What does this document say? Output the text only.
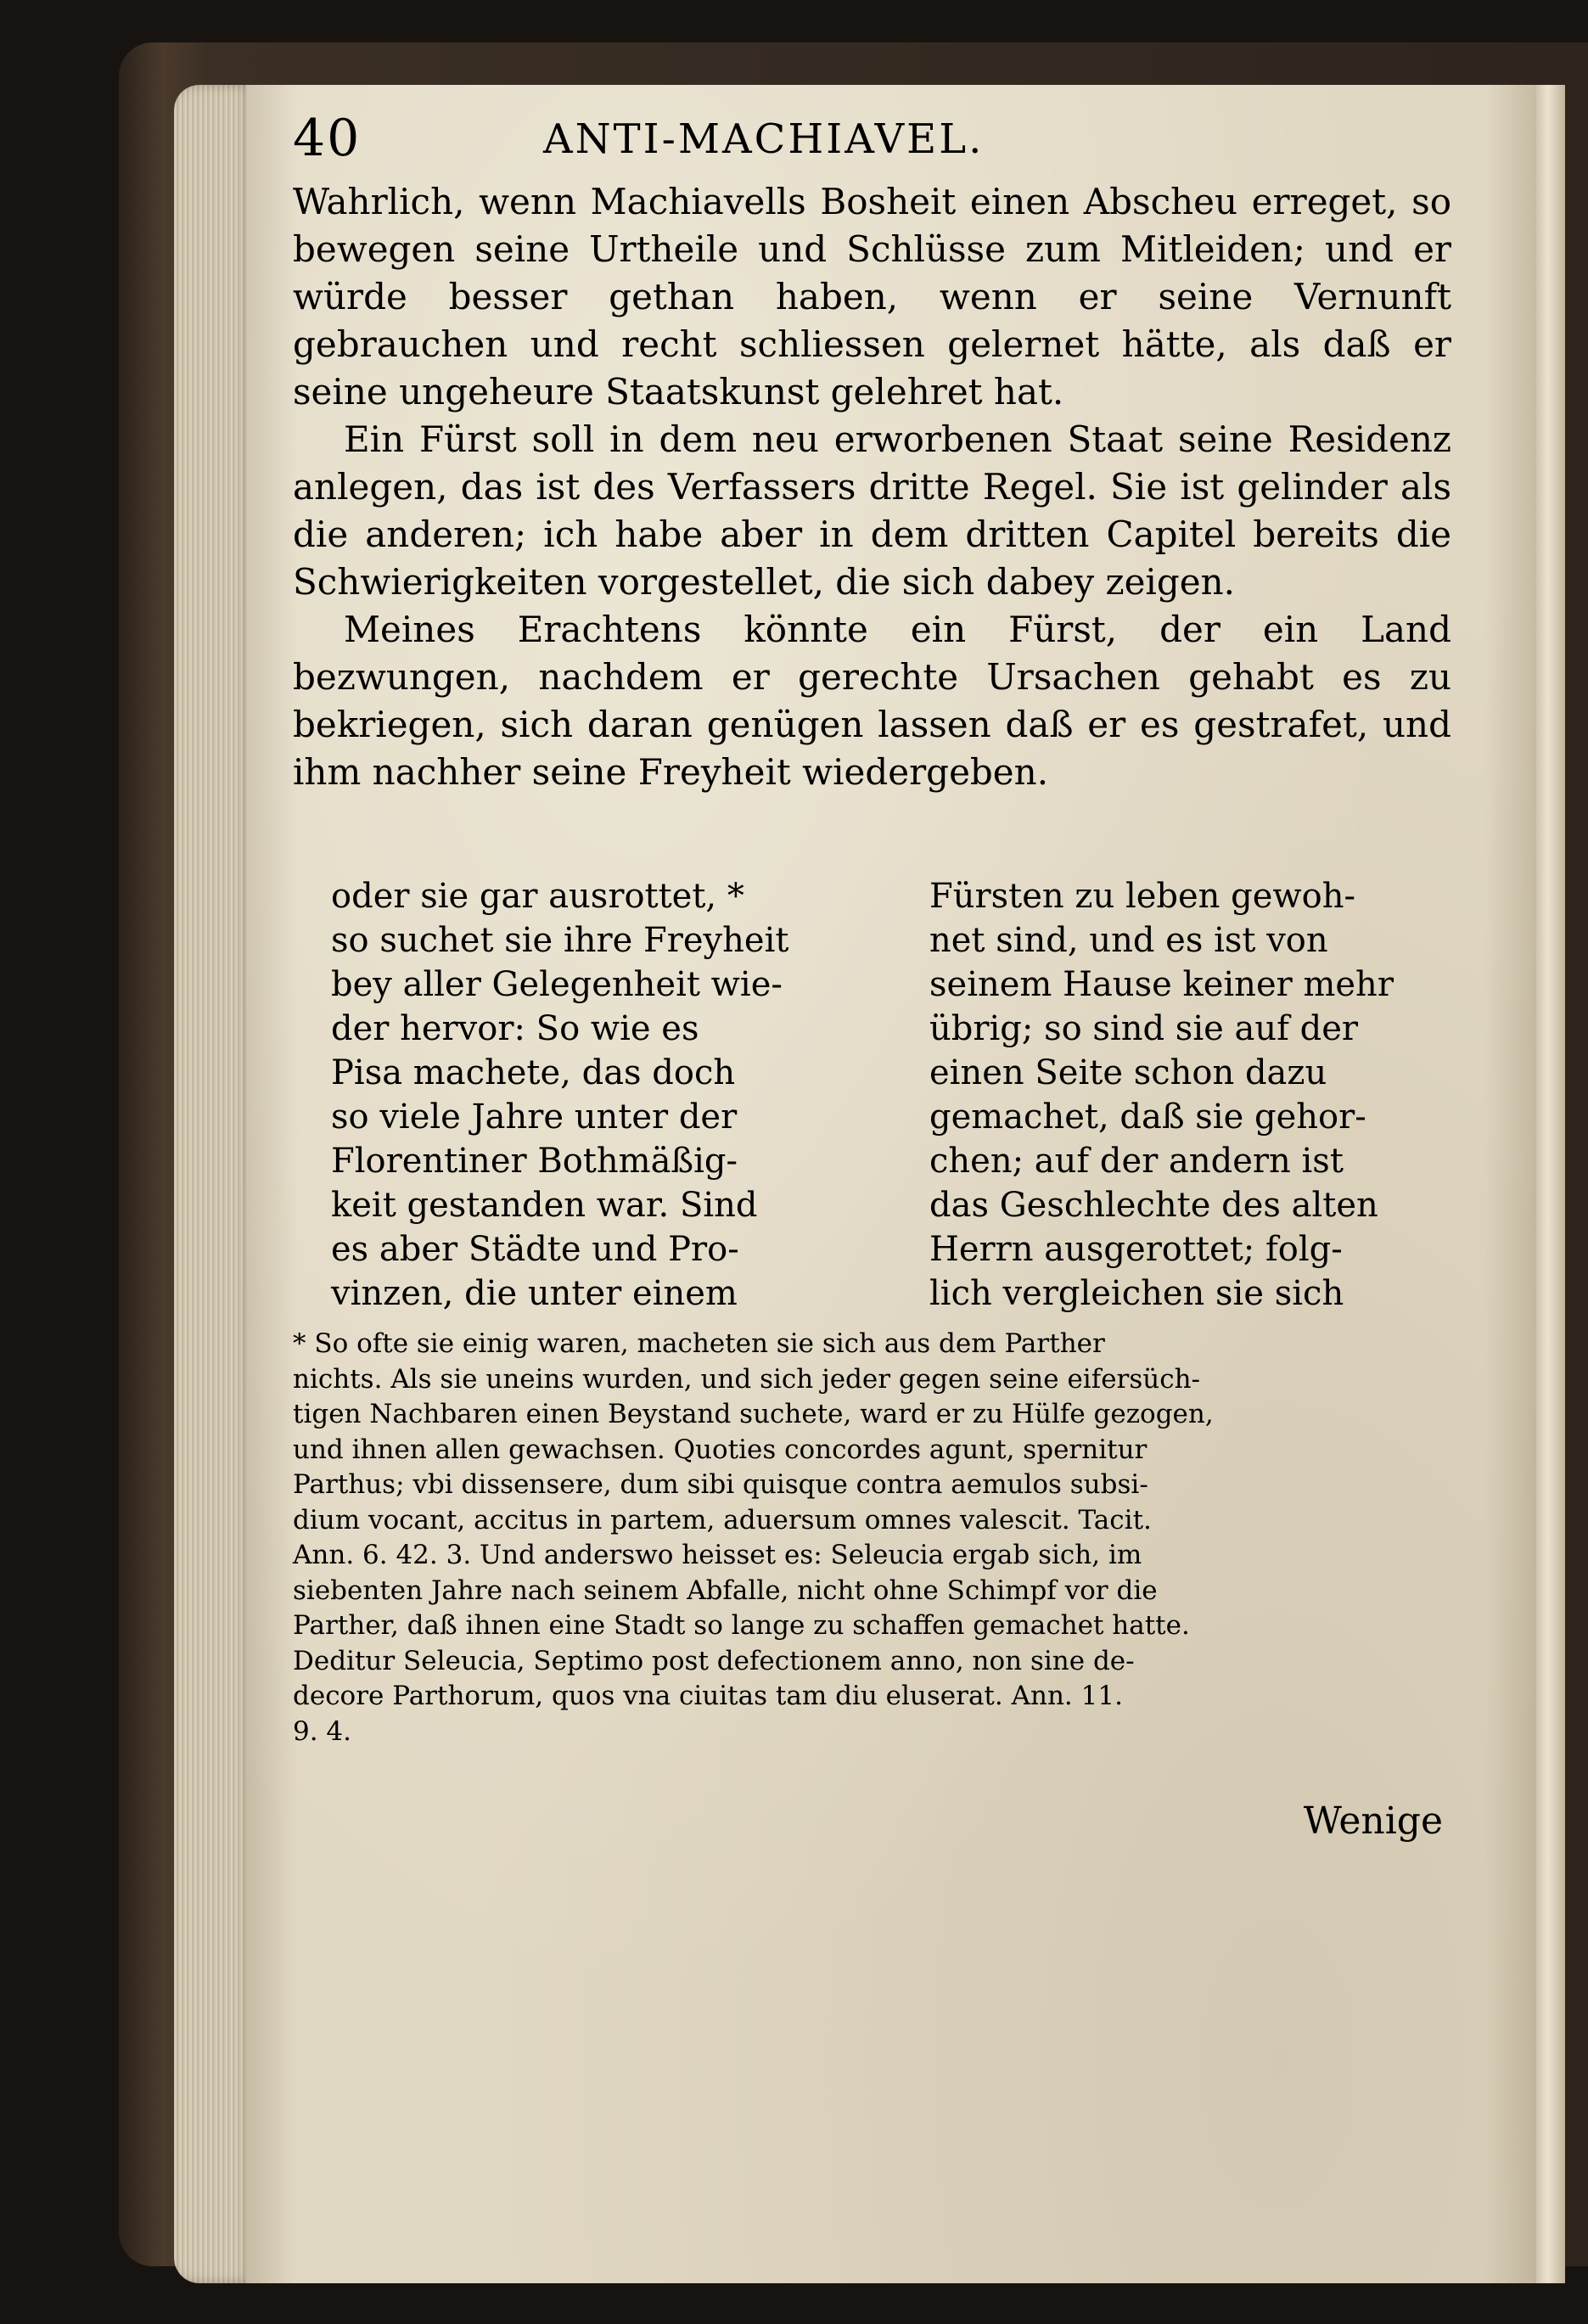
40	ANTI-MACHIAVEL.

Wahrlich, wenn Machiavells Bosheit einen Abscheu erreget, so bewegen seine Urtheile und Schlüsse zum Mitleiden; und er würde besser gethan haben, wenn er seine Vernunft gebrauchen und recht schliessen gelernet hätte, als daß er seine ungeheure Staatskunst gelehret hat.

Ein Fürst soll in dem neu erworbenen Staat seine Residenz anlegen, das ist des Verfassers dritte Regel. Sie ist gelinder als die anderen; ich habe aber in dem dritten Capitel bereits die Schwierigkeiten vorgestellet, die sich dabey zeigen.

Meines Erachtens könnte ein Fürst, der ein Land bezwungen, nachdem er gerechte Ursachen gehabt es zu bekriegen, sich daran genügen lassen daß er es gestrafet, und ihm nachher seine Freyheit wiedergeben.

oder sie gar ausrottet, *

so suchet sie ihre Freyheit

bey aller Gelegenheit wie-

der hervor: So wie es

Pisa machete, das doch

so viele Jahre unter der

Florentiner Bothmäßig-

keit gestanden war. Sind

es aber Städte und Pro-

vinzen, die unter einem

Fürsten zu leben gewoh-

net sind, und es ist von

seinem Hause keiner mehr

übrig; so sind sie auf der

einen Seite schon dazu

gemachet, daß sie gehor-

chen; auf der andern ist

das Geschlechte des alten

Herrn ausgerottet; folg-

lich vergleichen sie sich

* So ofte sie einig waren, macheten sie sich aus dem Parther

nichts. Als sie uneins wurden, und sich jeder gegen seine eifersüch-

tigen Nachbaren einen Beystand suchete, ward er zu Hülfe gezogen,

und ihnen allen gewachsen. Quoties concordes agunt, spernitur

Parthus; vbi dissensere, dum sibi quisque contra aemulos subsi-

dium vocant, accitus in partem, aduersum omnes valescit. Tacit.

Ann. 6. 42. 3. Und anderswo heisset es: Seleucia ergab sich, im

siebenten Jahre nach seinem Abfalle, nicht ohne Schimpf vor die

Parther, daß ihnen eine Stadt so lange zu schaffen gemachet hatte.

Deditur Seleucia, Septimo post defectionem anno, non sine de-

decore Parthorum, quos vna ciuitas tam diu eluserat. Ann. 11.

9. 4.

Wenige
